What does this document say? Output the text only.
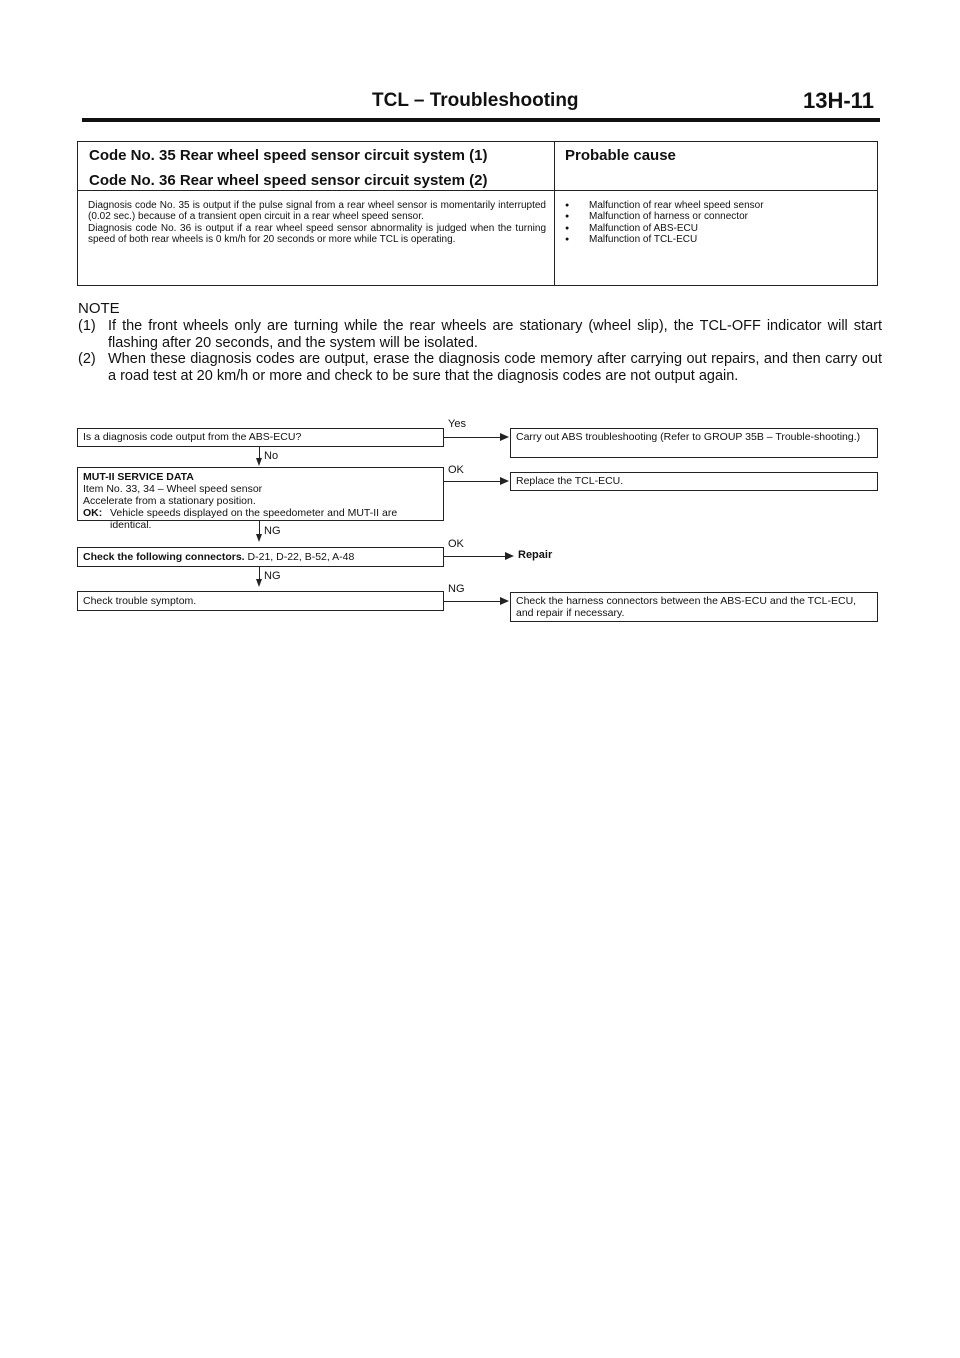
TCL – Troubleshooting	13H-11
Code No. 35 Rear wheel speed sensor circuit system (1)
Code No. 36 Rear wheel speed sensor circuit system (2)
Probable cause
Diagnosis code No. 35 is output if the pulse signal from a rear wheel sensor is momentarily interrupted (0.02 sec.) because of a transient open circuit in a rear wheel speed sensor.
Diagnosis code No. 36 is output if a rear wheel speed sensor abnormality is judged when the turning speed of both rear wheels is 0 km/h for 20 seconds or more while TCL is operating.
● Malfunction of rear wheel speed sensor
● Malfunction of harness or connector
● Malfunction of ABS-ECU
● Malfunction of TCL-ECU
NOTE
(1) If the front wheels only are turning while the rear wheels are stationary (wheel slip), the TCL-OFF indicator will start flashing after 20 seconds, and the system will be isolated.
(2) When these diagnosis codes are output, erase the diagnosis code memory after carrying out repairs, and then carry out a road test at 20 km/h or more and check to be sure that the diagnosis codes are not output again.
Is a diagnosis code output from the ABS-ECU?
Yes
Carry out ABS troubleshooting (Refer to GROUP 35B – Trouble-shooting.)
No
MUT-II SERVICE DATA
Item No. 33, 34 – Wheel speed sensor
Accelerate from a stationary position.
OK: Vehicle speeds displayed on the speedometer and MUT-II are identical.
OK
Replace the TCL-ECU.
NG
Check the following connectors. D-21, D-22, B-52, A-48
OK
Repair
NG
Check trouble symptom.
NG
Check the harness connectors between the ABS-ECU and the TCL-ECU, and repair if necessary.
